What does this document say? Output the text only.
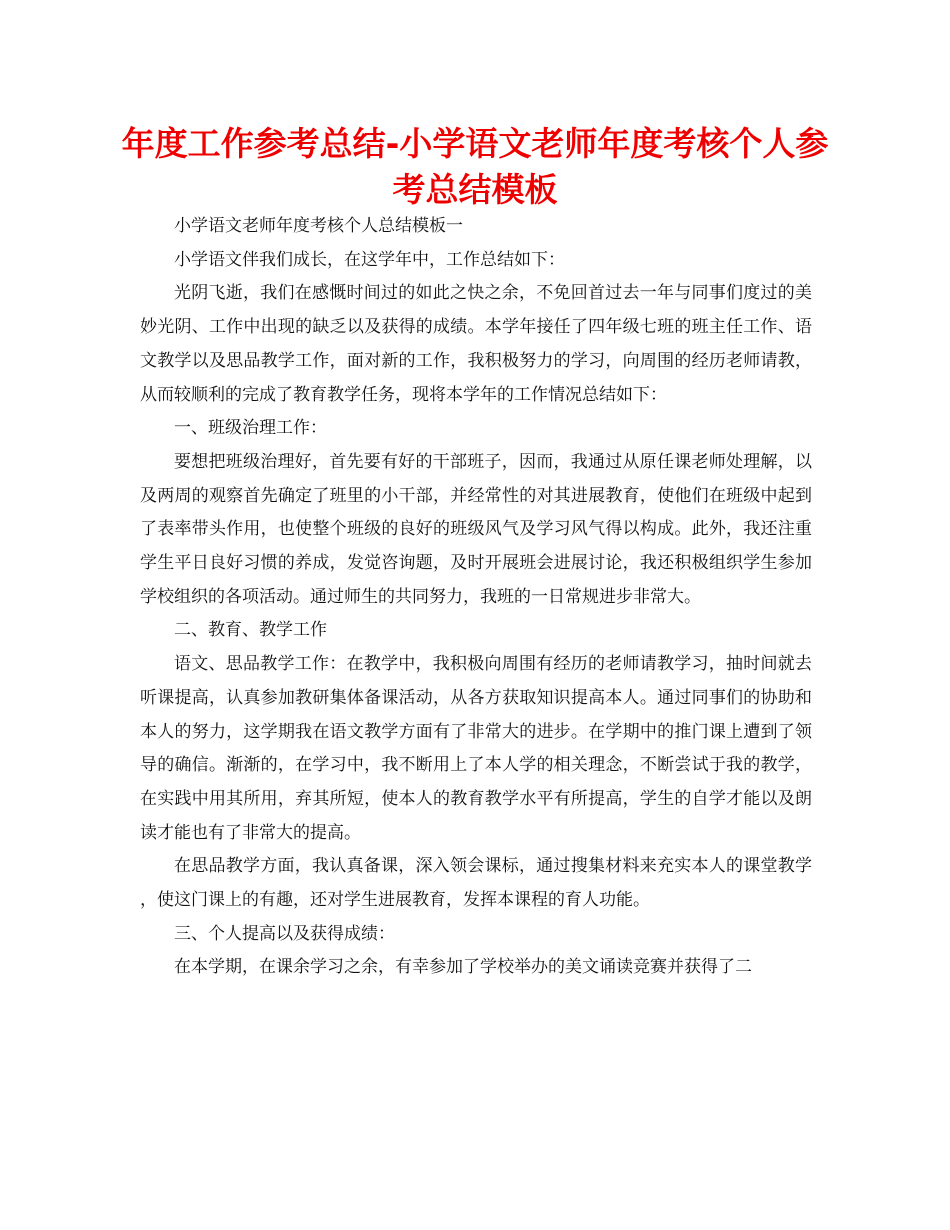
年度工作参考总结-小学语文老师年度考核个人参
考总结模板

小学语文老师年度考核个人总结模板一

小学语文伴我们成长，在这学年中，工作总结如下：

光阴飞逝，我们在感慨时间过的如此之快之余，不免回首过去一年与同事们度过的美妙光阴、工作中出现的缺乏以及获得的成绩。本学年接任了四年级七班的班主任工作、语文教学以及思品教学工作，面对新的工作，我积极努力的学习，向周围的经历老师请教，从而较顺利的完成了教育教学任务，现将本学年的工作情况总结如下：

一、班级治理工作：

要想把班级治理好，首先要有好的干部班子，因而，我通过从原任课老师处理解，以及两周的观察首先确定了班里的小干部，并经常性的对其进展教育，使他们在班级中起到了表率带头作用，也使整个班级的良好的班级风气及学习风气得以构成。此外，我还注重学生平日良好习惯的养成，发觉咨询题，及时开展班会进展讨论，我还积极组织学生参加学校组织的各项活动。通过师生的共同努力，我班的一日常规进步非常大。

二、教育、教学工作

语文、思品教学工作：在教学中，我积极向周围有经历的老师请教学习，抽时间就去听课提高，认真参加教研集体备课活动，从各方获取知识提高本人。通过同事们的协助和本人的努力，这学期我在语文教学方面有了非常大的进步。在学期中的推门课上遭到了领导的确信。渐渐的，在学习中，我不断用上了本人学的相关理念，不断尝试于我的教学，在实践中用其所用，弃其所短，使本人的教育教学水平有所提高，学生的自学才能以及朗读才能也有了非常大的提高。

在思品教学方面，我认真备课，深入领会课标，通过搜集材料来充实本人的课堂教学，使这门课上的有趣，还对学生进展教育，发挥本课程的育人功能。

三、个人提高以及获得成绩：

在本学期，在课余学习之余，有幸参加了学校举办的美文诵读竞赛并获得了二
